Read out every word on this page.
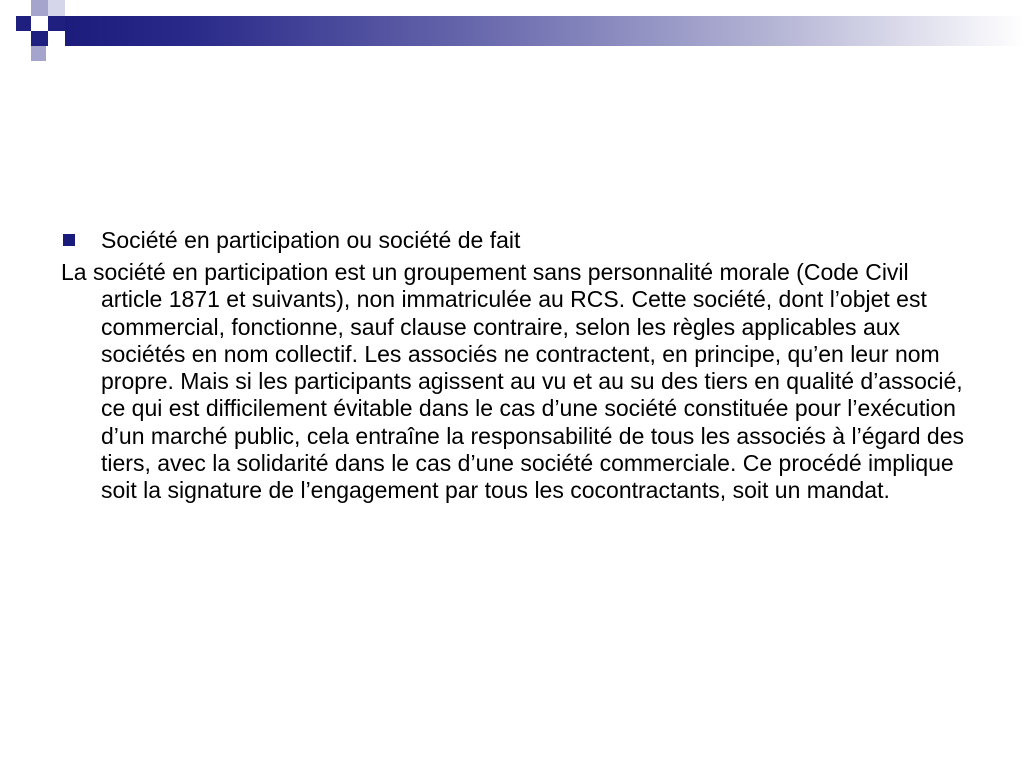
Société en participation ou société de fait
La société en participation est un groupement sans personnalité morale (Code Civil article 1871 et suivants), non immatriculée au RCS. Cette société, dont l’objet est commercial, fonctionne, sauf clause contraire, selon les règles applicables aux sociétés en nom collectif. Les associés ne contractent, en principe, qu’en leur nom propre. Mais si les participants agissent au vu et au su des tiers en qualité d’associé, ce qui est difficilement évitable dans le cas d’une société constituée pour l’exécution d’un marché public, cela entraîne la responsabilité de tous les associés à l’égard des tiers, avec la solidarité dans le cas d’une société commerciale. Ce procédé implique soit la signature de l’engagement par tous les cocontractants, soit un mandat.
